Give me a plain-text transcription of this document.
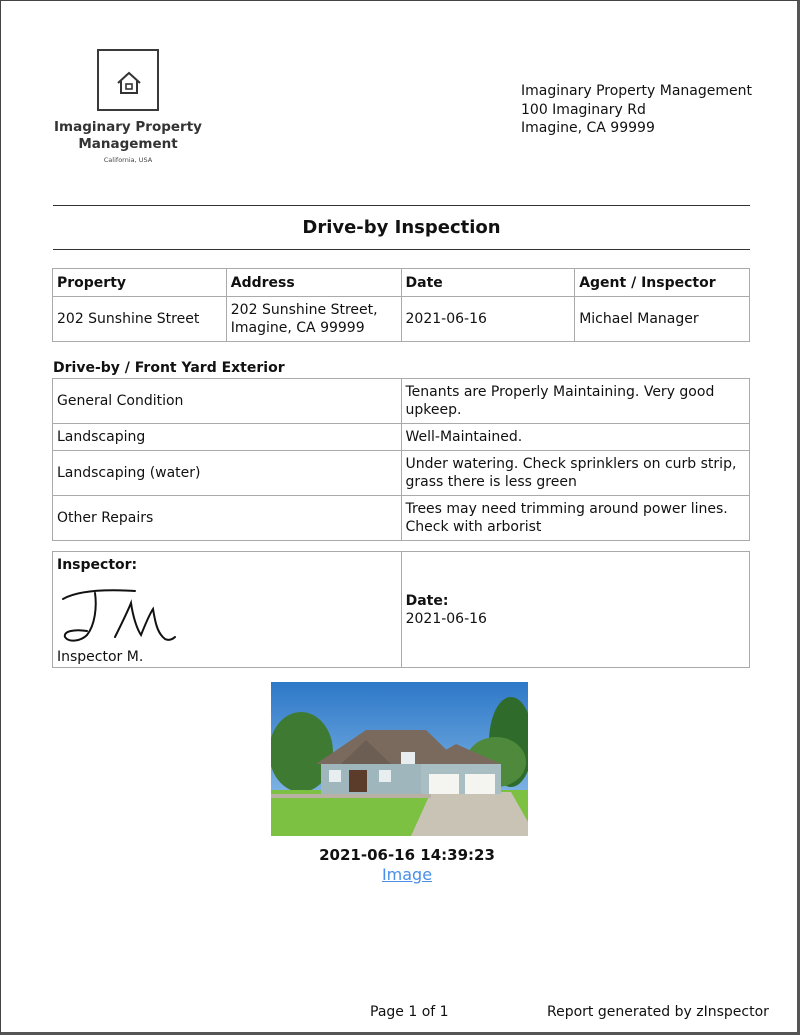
Imaginary Property Management
California, USA
Imaginary Property Management
100 Imaginary Rd
Imagine, CA 99999
Drive-by Inspection
Property	Address	Date	Agent / Inspector
202 Sunshine Street	202 Sunshine Street,
Imagine, CA 99999	2021-06-16	Michael Manager
Drive-by / Front Yard Exterior
General Condition	Tenants are Properly Maintaining. Very good
upkeep.

Landscaping	Well-Maintained.

Landscaping (water)	Under watering. Check sprinklers on curb strip,
grass there is less green

Other Repairs	Trees may need trimming around power lines.
Check with arborist
Inspector:
Inspector M.

Date:
2021-06-16
2021-06-16 14:39:23
Image
Page 1 of 1	Report generated by zInspector
